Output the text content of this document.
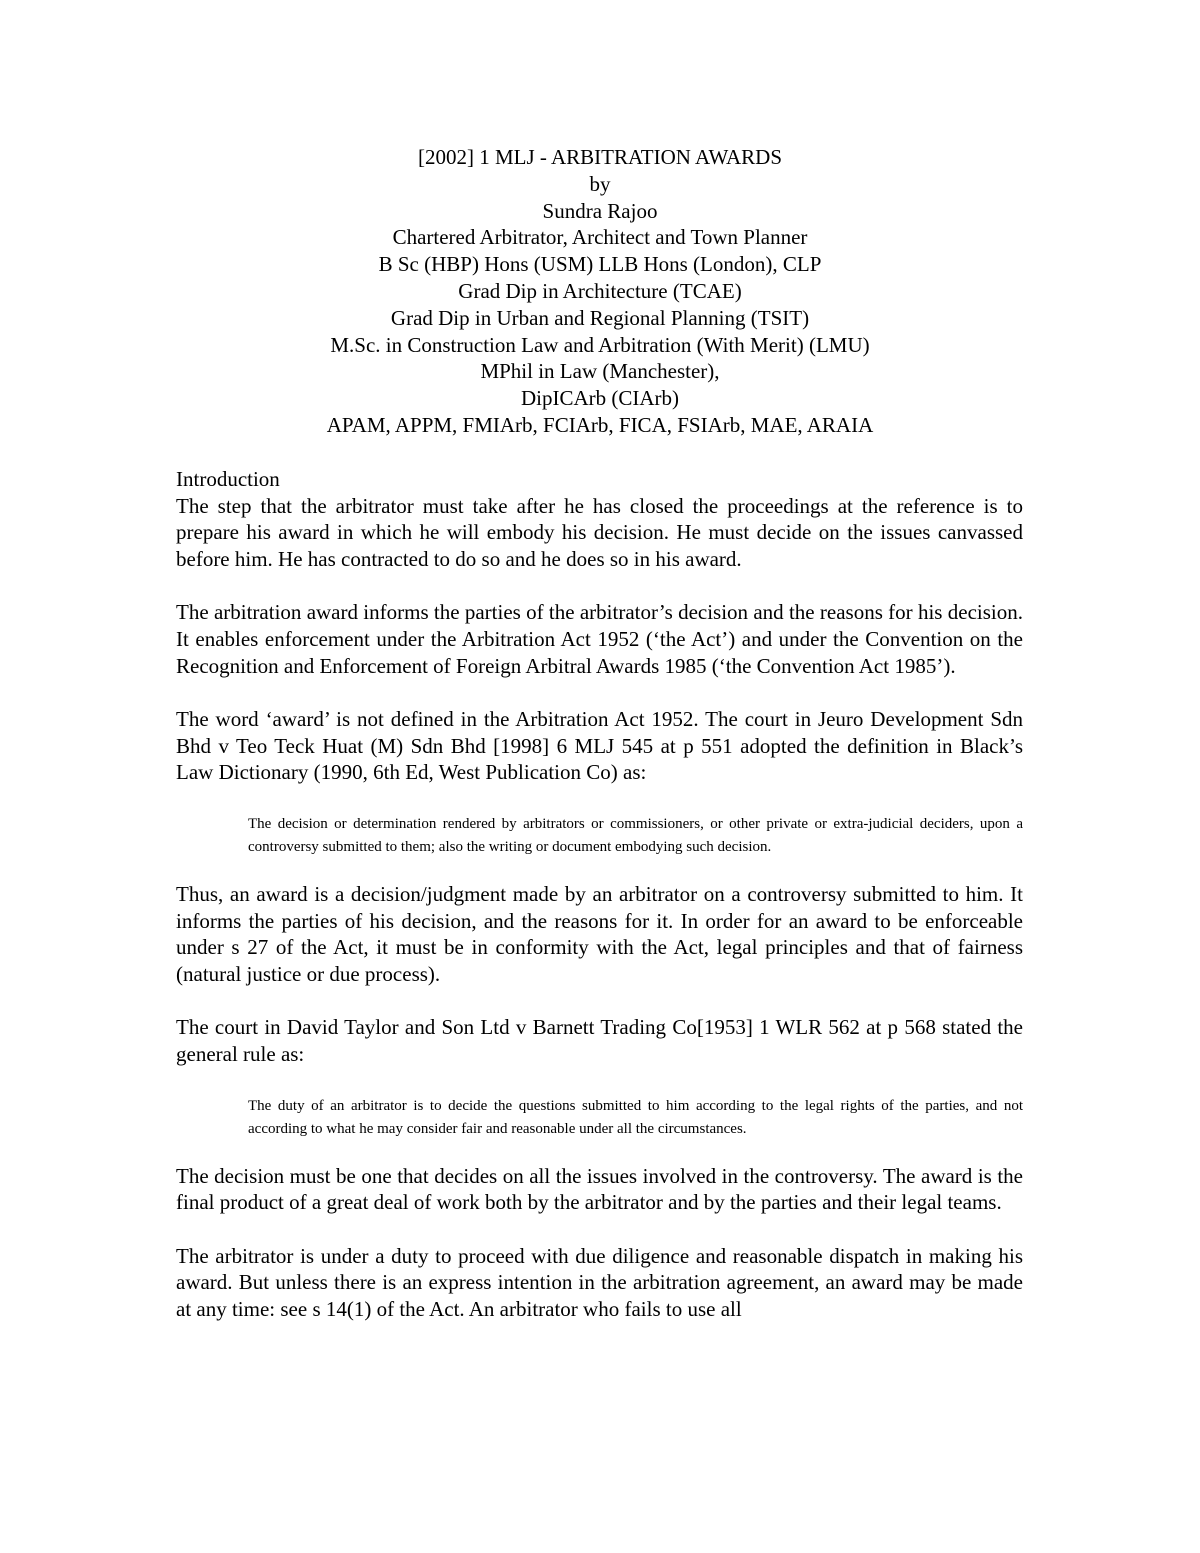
[2002] 1 MLJ - ARBITRATION AWARDS
by
Sundra Rajoo
Chartered Arbitrator, Architect and Town Planner
B Sc (HBP) Hons (USM) LLB Hons (London), CLP
Grad Dip in Architecture (TCAE)
Grad Dip in Urban and Regional Planning (TSIT)
M.Sc. in Construction Law and Arbitration (With Merit) (LMU)
MPhil in Law (Manchester),
DipICArb (CIArb)
APAM, APPM, FMIArb, FCIArb, FICA, FSIArb, MAE, ARAIA
Introduction

The step that the arbitrator must take after he has closed the proceedings at the reference is to prepare his award in which he will embody his decision. He must decide on the issues canvassed before him. He has contracted to do so and he does so in his award.

The arbitration award informs the parties of the arbitrator’s decision and the reasons for his decision. It enables enforcement under the Arbitration Act 1952 (‘the Act’) and under the Convention on the Recognition and Enforcement of Foreign Arbitral Awards 1985 (‘the Convention Act 1985’).

The word ‘award’ is not defined in the Arbitration Act 1952. The court in Jeuro Development Sdn Bhd v Teo Teck Huat (M) Sdn Bhd [1998] 6 MLJ 545 at p 551 adopted the definition in Black’s Law Dictionary (1990, 6th Ed, West Publication Co) as:

The decision or determination rendered by arbitrators or commissioners, or other private or extra-judicial deciders, upon a controversy submitted to them; also the writing or document embodying such decision.

Thus, an award is a decision/judgment made by an arbitrator on a controversy submitted to him. It informs the parties of his decision, and the reasons for it. In order for an award to be enforceable under s 27 of the Act, it must be in conformity with the Act, legal principles and that of fairness (natural justice or due process).

The court in David Taylor and Son Ltd v Barnett Trading Co[1953] 1 WLR 562 at p 568 stated the general rule as:

The duty of an arbitrator is to decide the questions submitted to him according to the legal rights of the parties, and not according to what he may consider fair and reasonable under all the circumstances.

The decision must be one that decides on all the issues involved in the controversy. The award is the final product of a great deal of work both by the arbitrator and by the parties and their legal teams.

The arbitrator is under a duty to proceed with due diligence and reasonable dispatch in making his award. But unless there is an express intention in the arbitration agreement, an award may be made at any time: see s 14(1) of the Act. An arbitrator who fails to use all
